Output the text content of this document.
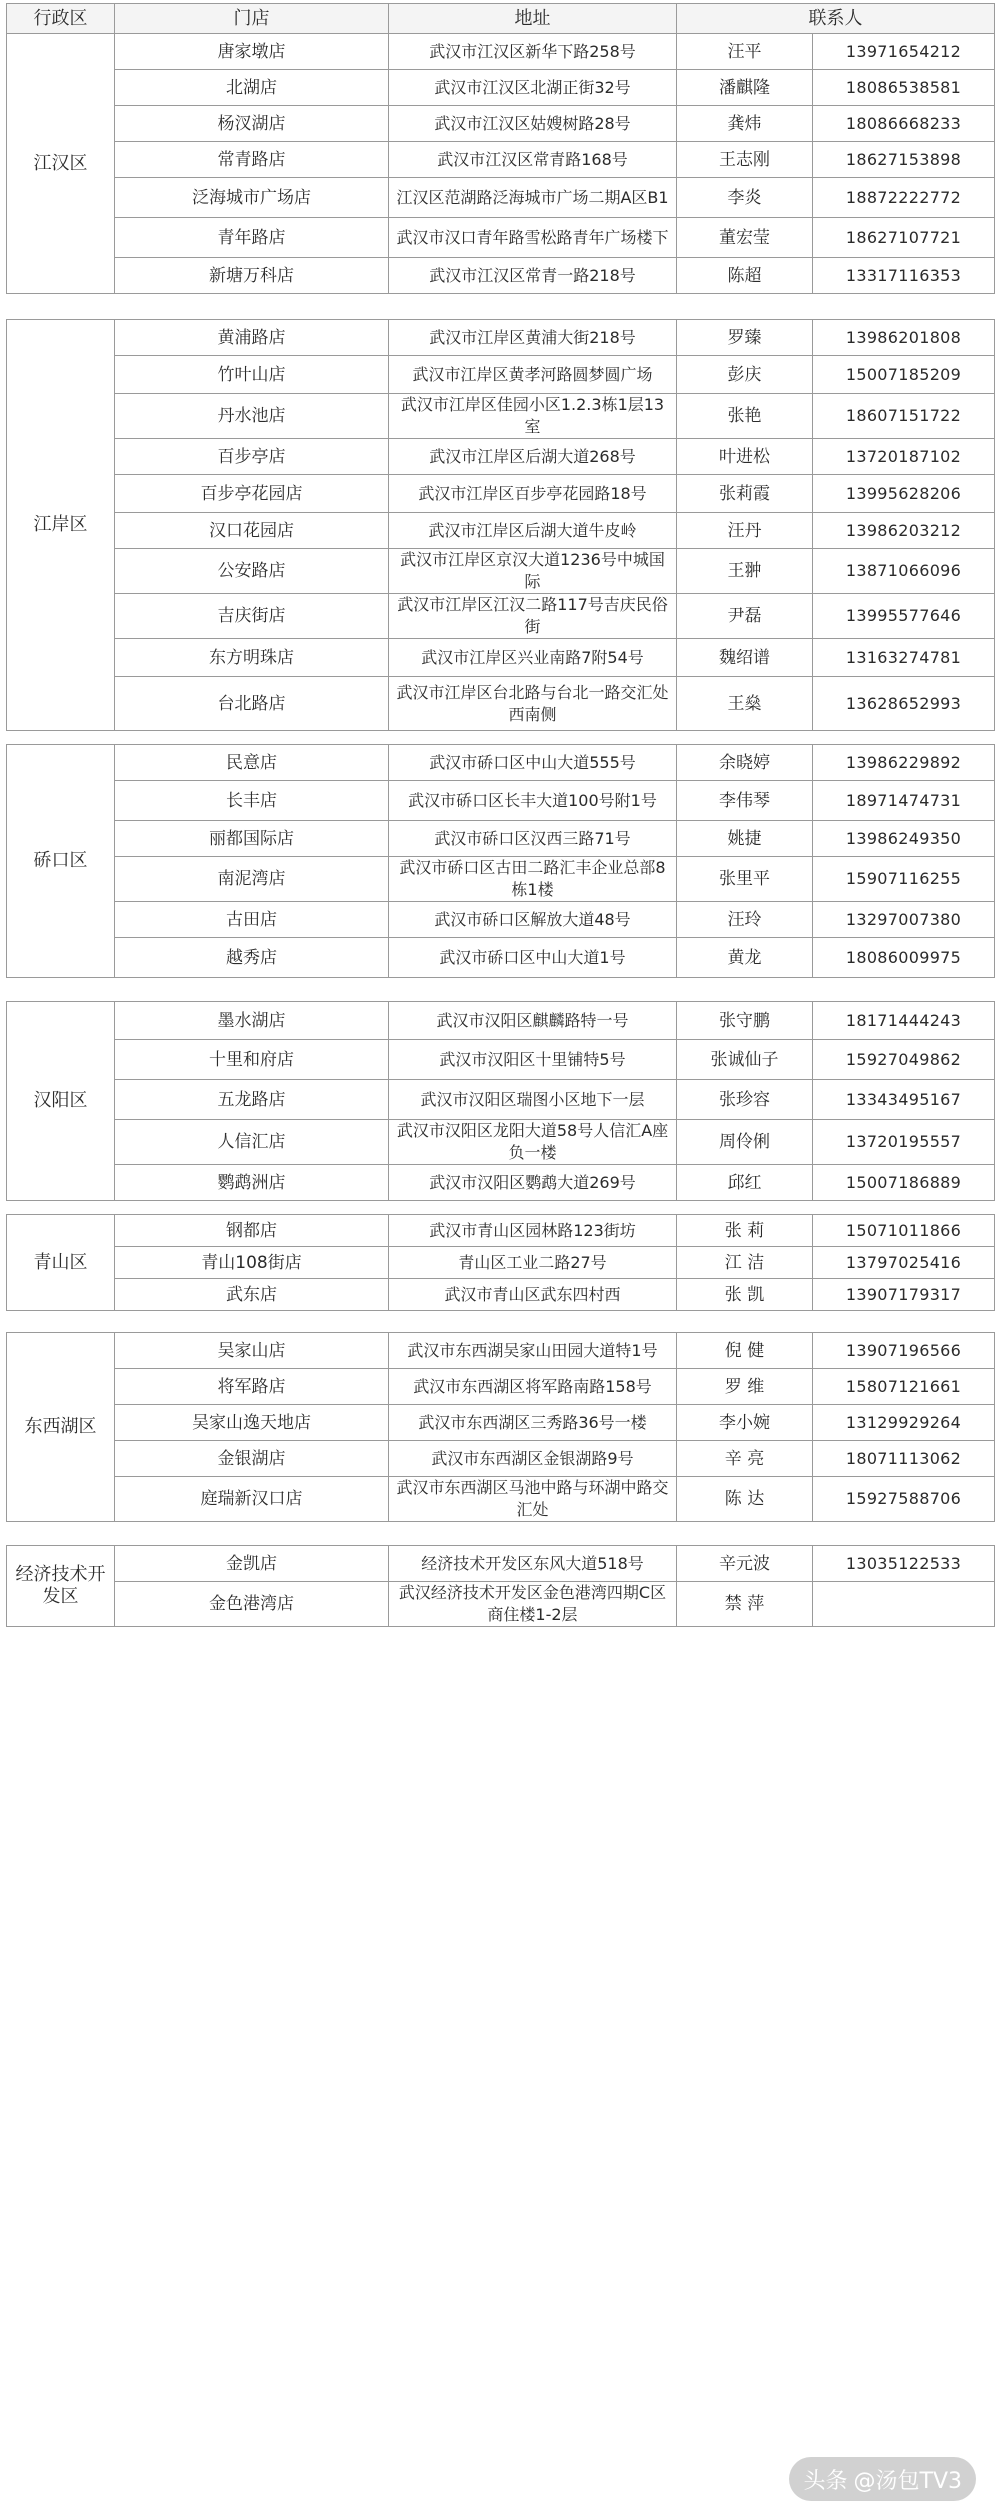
行政区	门店	地址	联系人	
江汉区	唐家墩店	武汉市江汉区新华下路258号	汪平	13971654212
	北湖店	武汉市江汉区北湖正街32号	潘麒隆	18086538581
	杨汊湖店	武汉市江汉区姑嫂树路28号	龚炜	18086668233
	常青路店	武汉市江汉区常青路168号	王志刚	18627153898
	泛海城市广场店	江汉区范湖路泛海城市广场二期A区B1	李炎	18872222772
	青年路店	武汉市汉口青年路雪松路青年广场楼下	董宏莹	18627107721
	新塘万科店	武汉市江汉区常青一路218号	陈超	13317116353

江岸区	黄浦路店	武汉市江岸区黄浦大街218号	罗臻	13986201808
	竹叶山店	武汉市江岸区黄孝河路圆梦圆广场	彭庆	15007185209
	丹水池店	武汉市江岸区佳园小区1.2.3栋1层13室	张艳	18607151722
	百步亭店	武汉市江岸区后湖大道268号	叶进松	13720187102
	百步亭花园店	武汉市江岸区百步亭花园路18号	张莉霞	13995628206
	汉口花园店	武汉市江岸区后湖大道牛皮岭	汪丹	13986203212
	公安路店	武汉市江岸区京汉大道1236号中城国际	王翀	13871066096
	吉庆街店	武汉市江岸区江汉二路117号吉庆民俗街	尹磊	13995577646
	东方明珠店	武汉市江岸区兴业南路7附54号	魏绍谱	13163274781
	台北路店	武汉市江岸区台北路与台北一路交汇处西南侧	王燊	13628652993

硚口区	民意店	武汉市硚口区中山大道555号	余晓婷	13986229892
	长丰店	武汉市硚口区长丰大道100号附1号	李伟琴	18971474731
	丽都国际店	武汉市硚口区汉西三路71号	姚捷	13986249350
	南泥湾店	武汉市硚口区古田二路汇丰企业总部8栋1楼	张里平	15907116255
	古田店	武汉市硚口区解放大道48号	汪玲	13297007380
	越秀店	武汉市硚口区中山大道1号	黄龙	18086009975

汉阳区	墨水湖店	武汉市汉阳区麒麟路特一号	张守鹏	18171444243
	十里和府店	武汉市汉阳区十里铺特5号	张诚仙子	15927049862
	五龙路店	武汉市汉阳区瑞图小区地下一层	张珍容	13343495167
	人信汇店	武汉市汉阳区龙阳大道58号人信汇A座负一楼	周伶俐	13720195557
	鹦鹉洲店	武汉市汉阳区鹦鹉大道269号	邱红	15007186889

青山区	钢都店	武汉市青山区园林路123街坊	张 莉	15071011866
	青山108街店	青山区工业二路27号	江 洁	13797025416
	武东店	武汉市青山区武东四村西	张 凯	13907179317

东西湖区	吴家山店	武汉市东西湖吴家山田园大道特1号	倪 健	13907196566
	将军路店	武汉市东西湖区将军路南路158号	罗 维	15807121661
	吴家山逸天地店	武汉市东西湖区三秀路36号一楼	李小婉	13129929264
	金银湖店	武汉市东西湖区金银湖路9号	辛 亮	18071113062
	庭瑞新汉口店	武汉市东西湖区马池中路与环湖中路交汇处	陈 达	15927588706

经济技术开发区	金凯店	经济技术开发区东风大道518号	辛元波	13035122533
	金色港湾店	武汉经济技术开发区金色港湾四期C区商住楼1-2层	禁 萍	
头条 @汤包TV3
